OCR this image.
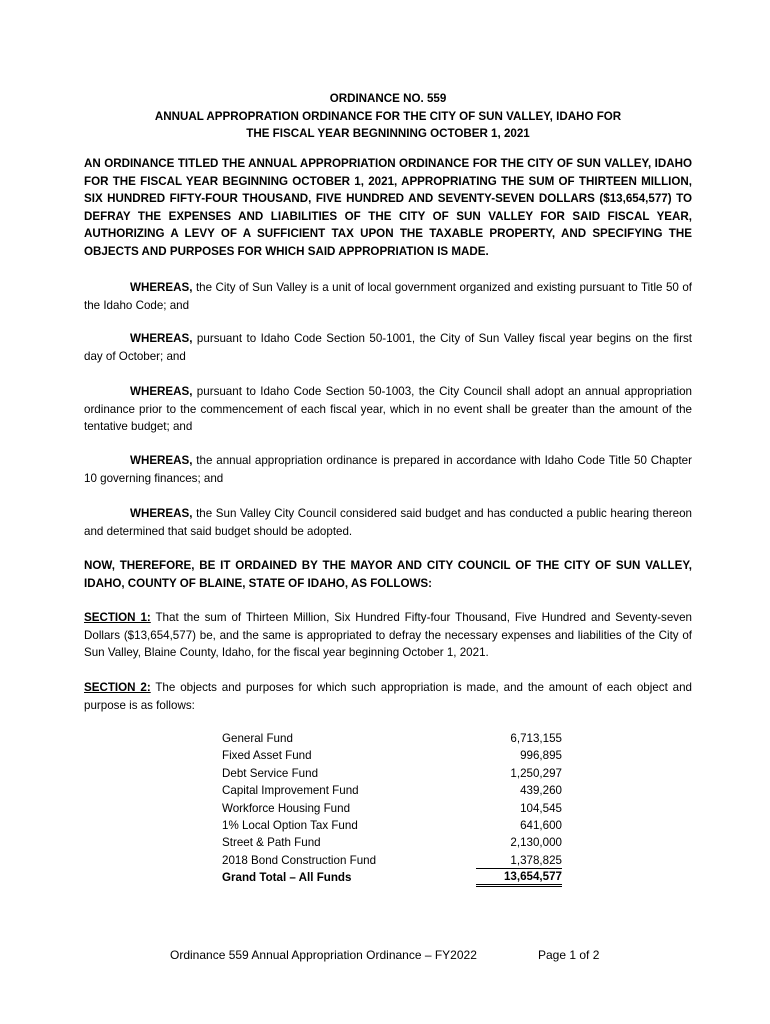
ORDINANCE NO. 559
ANNUAL APPROPRATION ORDINANCE FOR THE CITY OF SUN VALLEY, IDAHO FOR
THE FISCAL YEAR BEGNINNING OCTOBER 1, 2021
AN ORDINANCE TITLED THE ANNUAL APPROPRIATION ORDINANCE FOR THE CITY OF SUN VALLEY, IDAHO FOR THE FISCAL YEAR BEGINNING OCTOBER 1, 2021, APPROPRIATING THE SUM OF THIRTEEN MILLION, SIX HUNDRED FIFTY-FOUR THOUSAND, FIVE HUNDRED AND SEVENTY-SEVEN DOLLARS ($13,654,577) TO DEFRAY THE EXPENSES AND LIABILITIES OF THE CITY OF SUN VALLEY FOR SAID FISCAL YEAR, AUTHORIZING A LEVY OF A SUFFICIENT TAX UPON THE TAXABLE PROPERTY, AND SPECIFYING THE OBJECTS AND PURPOSES FOR WHICH SAID APPROPRIATION IS MADE.
WHEREAS, the City of Sun Valley is a unit of local government organized and existing pursuant to Title 50 of the Idaho Code; and
WHEREAS, pursuant to Idaho Code Section 50-1001, the City of Sun Valley fiscal year begins on the first day of October; and
WHEREAS, pursuant to Idaho Code Section 50-1003, the City Council shall adopt an annual appropriation ordinance prior to the commencement of each fiscal year, which in no event shall be greater than the amount of the tentative budget; and
WHEREAS, the annual appropriation ordinance is prepared in accordance with Idaho Code Title 50 Chapter 10 governing finances; and
WHEREAS, the Sun Valley City Council considered said budget and has conducted a public hearing thereon and determined that said budget should be adopted.
NOW, THEREFORE, BE IT ORDAINED BY THE MAYOR AND CITY COUNCIL OF THE CITY OF SUN VALLEY, IDAHO, COUNTY OF BLAINE, STATE OF IDAHO, AS FOLLOWS:
SECTION 1: That the sum of Thirteen Million, Six Hundred Fifty-four Thousand, Five Hundred and Seventy-seven Dollars ($13,654,577) be, and the same is appropriated to defray the necessary expenses and liabilities of the City of Sun Valley, Blaine County, Idaho, for the fiscal year beginning October 1, 2021.
SECTION 2: The objects and purposes for which such appropriation is made, and the amount of each object and purpose is as follows:
General Fund	6,713,155
Fixed Asset Fund	996,895
Debt Service Fund	1,250,297
Capital Improvement Fund	439,260
Workforce Housing Fund	104,545
1% Local Option Tax Fund	641,600
Street & Path Fund	2,130,000
2018 Bond Construction Fund	1,378,825
Grand Total – All Funds	13,654,577
Ordinance 559 Annual Appropriation Ordinance – FY2022	Page 1 of 2
